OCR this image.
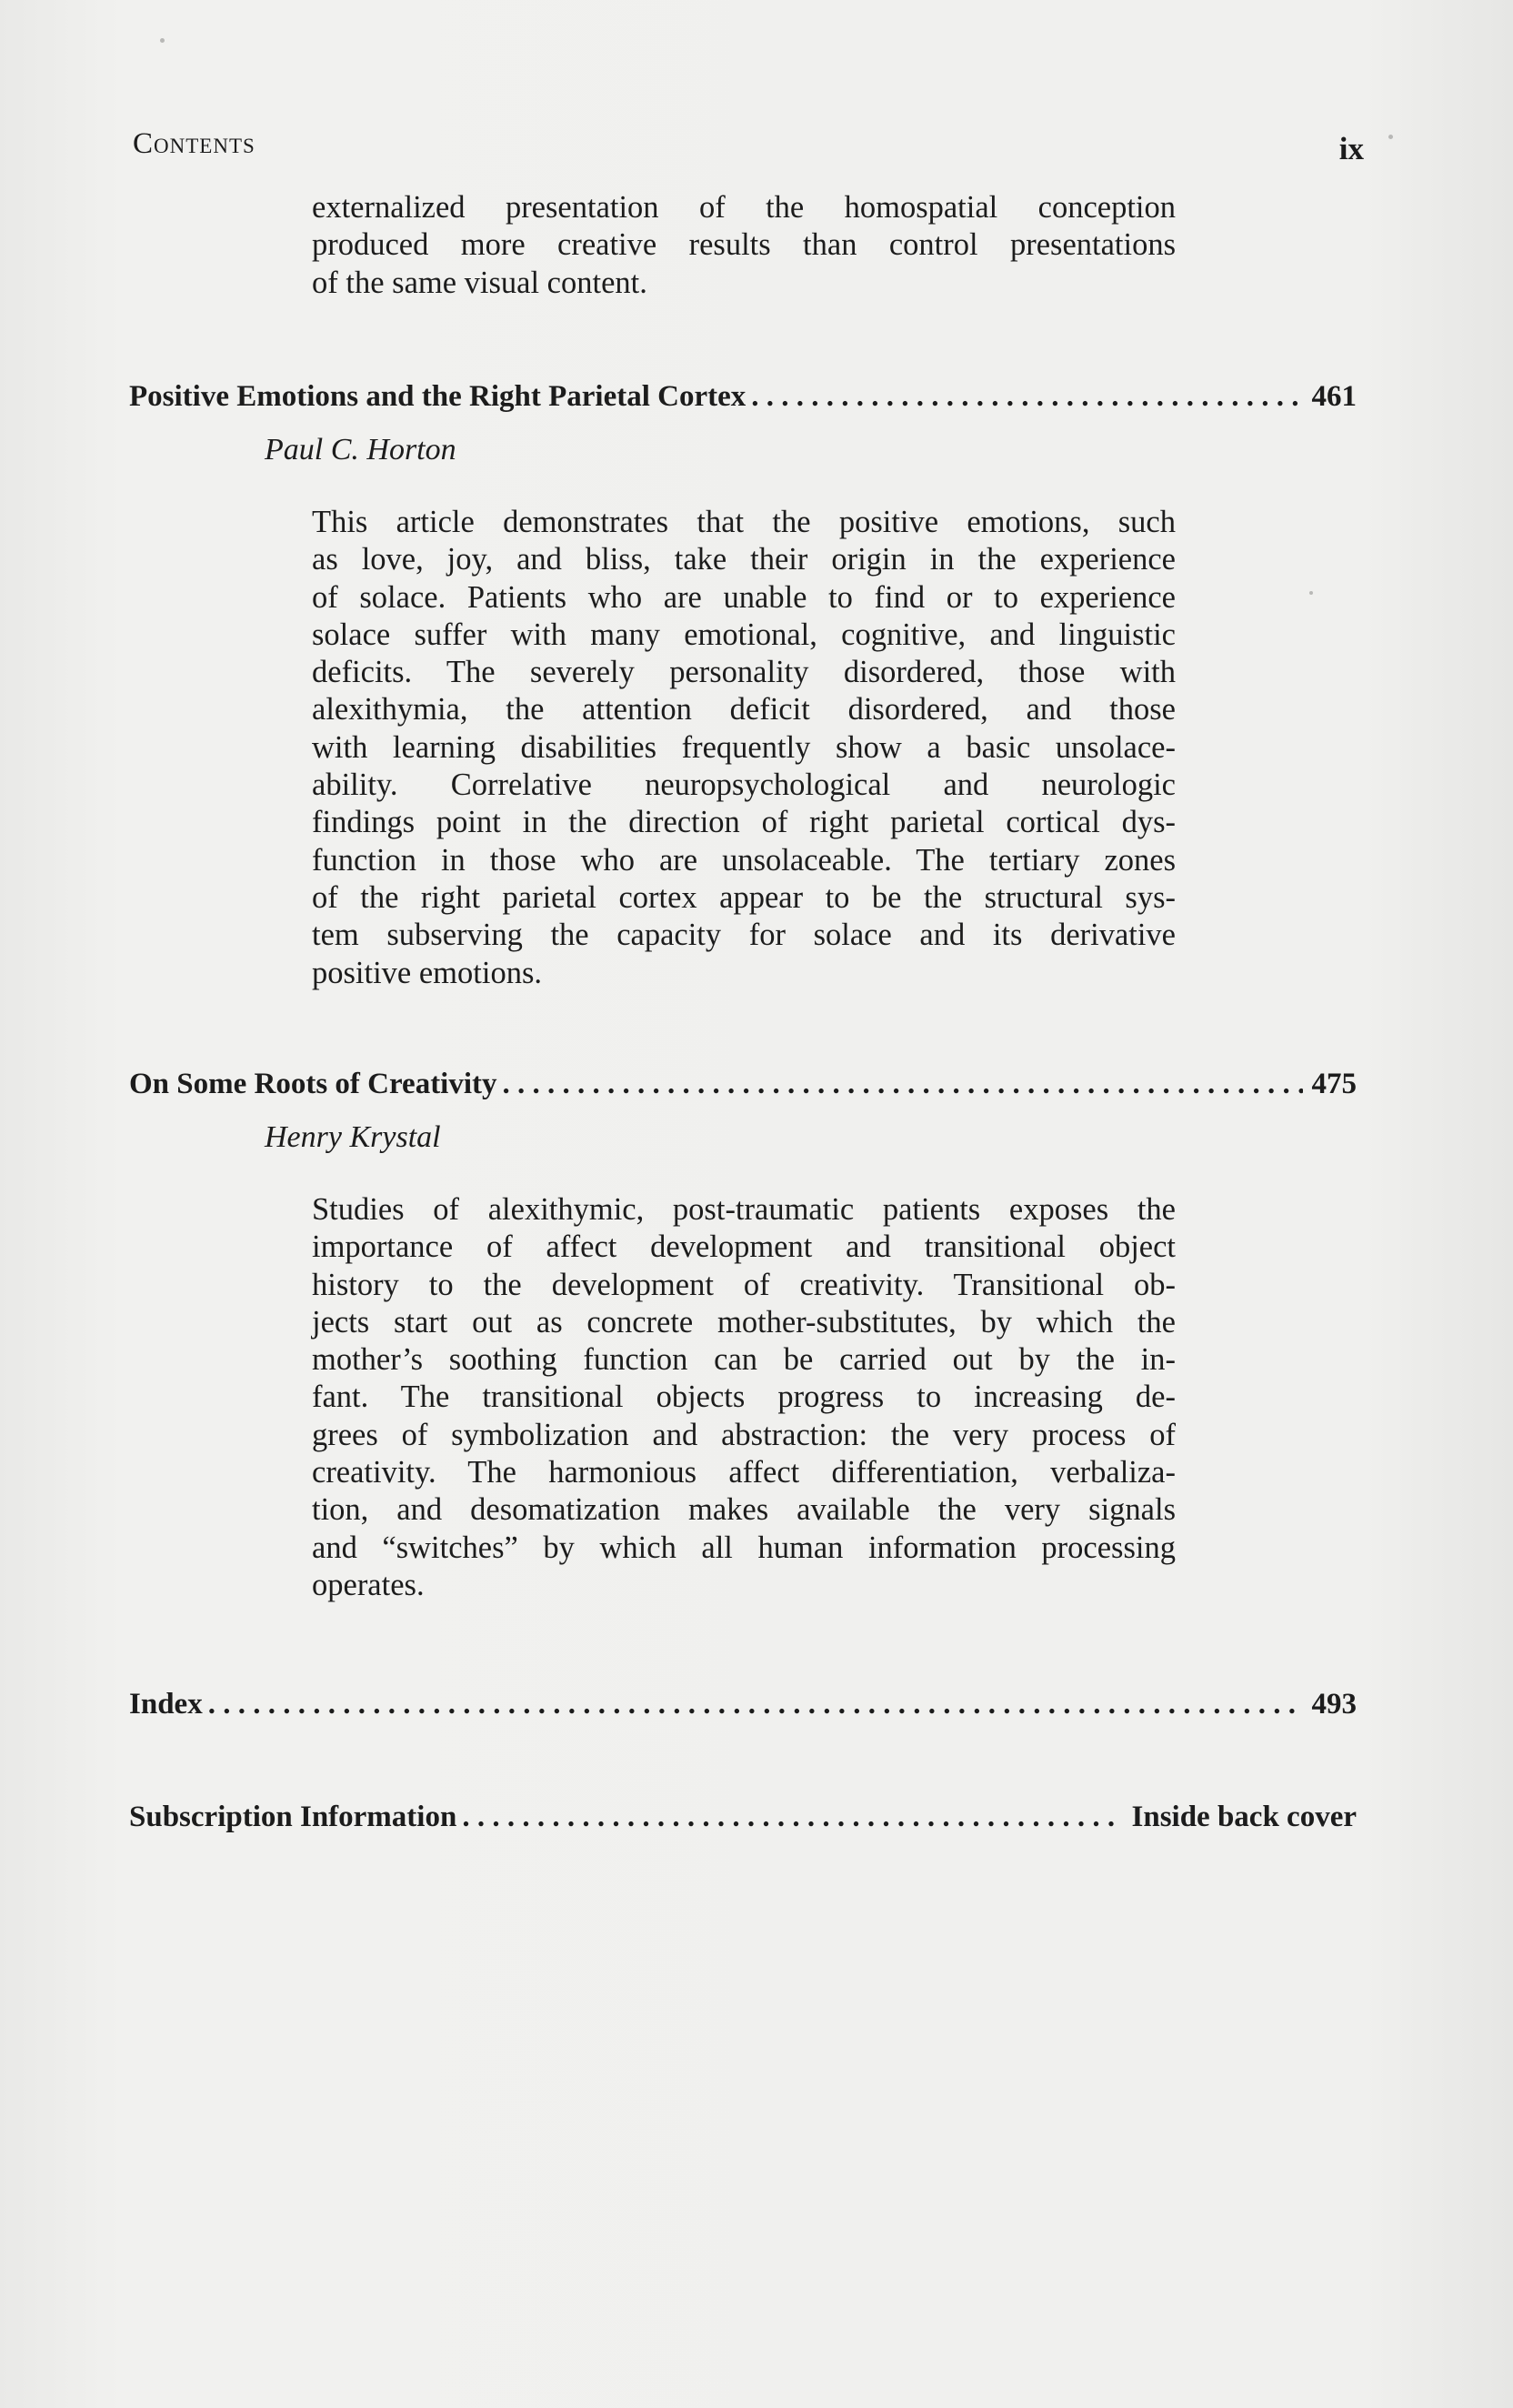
Contents	ix
externalized presentation of the homospatial conception
produced more creative results than control presentations
of the same visual content.
Positive Emotions and the Right Parietal Cortex . . .	461
Paul C. Horton
This article demonstrates that the positive emotions, such
as love, joy, and bliss, take their origin in the experience
of solace. Patients who are unable to find or to experience
solace suffer with many emotional, cognitive, and linguistic
deficits. The severely personality disordered, those with
alexithymia, the attention deficit disordered, and those
with learning disabilities frequently show a basic unsolace-
ability. Correlative neuropsychological and neurologic
findings point in the direction of right parietal cortical dys-
function in those who are unsolaceable. The tertiary zones
of the right parietal cortex appear to be the structural sys-
tem subserving the capacity for solace and its derivative
positive emotions.
On Some Roots of Creativity . . .	475
Henry Krystal
Studies of alexithymic, post-traumatic patients exposes the
importance of affect development and transitional object
history to the development of creativity. Transitional ob-
jects start out as concrete mother-substitutes, by which the
mother’s soothing function can be carried out by the in-
fant. The transitional objects progress to increasing de-
grees of symbolization and abstraction: the very process of
creativity. The harmonious affect differentiation, verbaliza-
tion, and desomatization makes available the very signals
and “switches” by which all human information processing
operates.
Index . . .	493
Subscription Information . . .	Inside back cover
